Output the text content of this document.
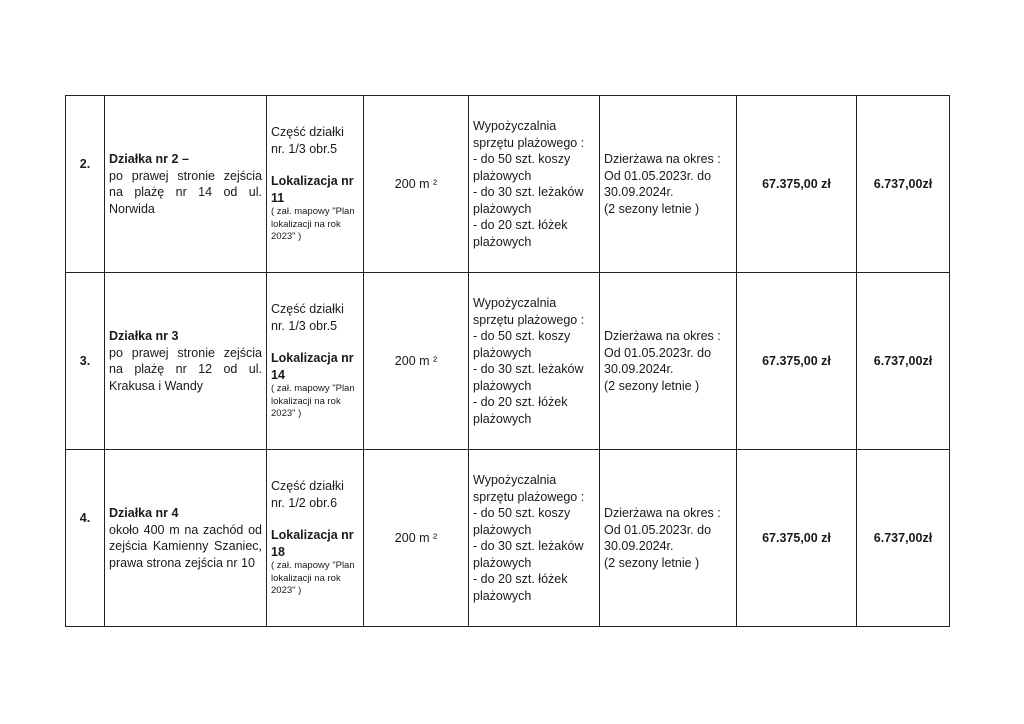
2.	Działka nr 2 –
po prawej stronie zejścia na plażę nr 14 od ul. Norwida	Część działki nr. 1/3 obr.5
Lokalizacja nr 11
( zał. mapowy "Plan lokalizacji na rok 2023" )	200 m ²	Wypożyczalnia sprzętu plażowego :
- do 50 szt. koszy plażowych
- do 30 szt. leżaków plażowych
- do 20 szt. łóżek plażowych	Dzierżawa na okres :
Od 01.05.2023r. do 30.09.2024r.
(2 sezony letnie )	67.375,00 zł	6.737,00zł
3.	Działka nr 3
po prawej stronie zejścia na plażę nr 12 od ul. Krakusa i Wandy	Część działki nr. 1/3 obr.5
Lokalizacja nr 14
( zał. mapowy "Plan lokalizacji na rok 2023" )	200 m ²	Wypożyczalnia sprzętu plażowego :
- do 50 szt. koszy plażowych
- do 30 szt. leżaków plażowych
- do 20 szt. łóżek plażowych	Dzierżawa na okres :
Od 01.05.2023r. do 30.09.2024r.
(2 sezony letnie )	67.375,00 zł	6.737,00zł
4.	Działka nr 4
około 400 m na zachód od zejścia Kamienny Szaniec, prawa strona zejścia nr 10	Część działki nr. 1/2 obr.6
Lokalizacja nr 18
( zał. mapowy "Plan lokalizacji na rok 2023" )	200 m ²	Wypożyczalnia sprzętu plażowego :
- do 50 szt. koszy plażowych
- do 30 szt. leżaków plażowych
- do 20 szt. łóżek plażowych	Dzierżawa na okres :
Od 01.05.2023r. do 30.09.2024r.
(2 sezony letnie )	67.375,00 zł	6.737,00zł
